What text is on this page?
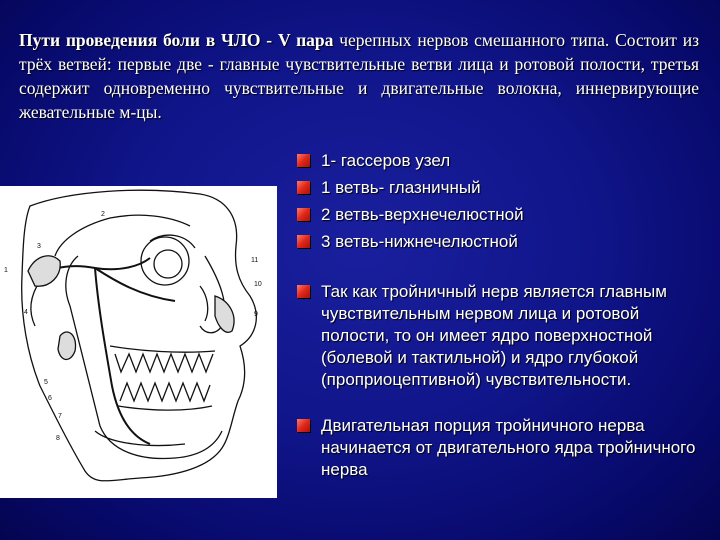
Пути проведения боли в ЧЛО - V пара черепных нервов смешанного типа. Состоит из трёх ветвей: первые две - главные чувствительные ветви лица и ротовой полости, третья содержит одновременно чувствительные и двигательные волокна, иннервирующие жевательные м-цы.
1
2
3
4
5
6
7
8
9
10
11
1- гассеров узел
1 ветвь- глазничный
2 ветвь-верхнечелюстной
3 ветвь-нижнечелюстной
Так как тройничный нерв является главным чувствительным нервом лица и ротовой полости, то он имеет ядро поверхностной (болевой и тактильной) и ядро глубокой (проприоцептивной) чувствительности.
Двигательная порция тройничного нерва начинается от двигательного ядра тройничного нерва
